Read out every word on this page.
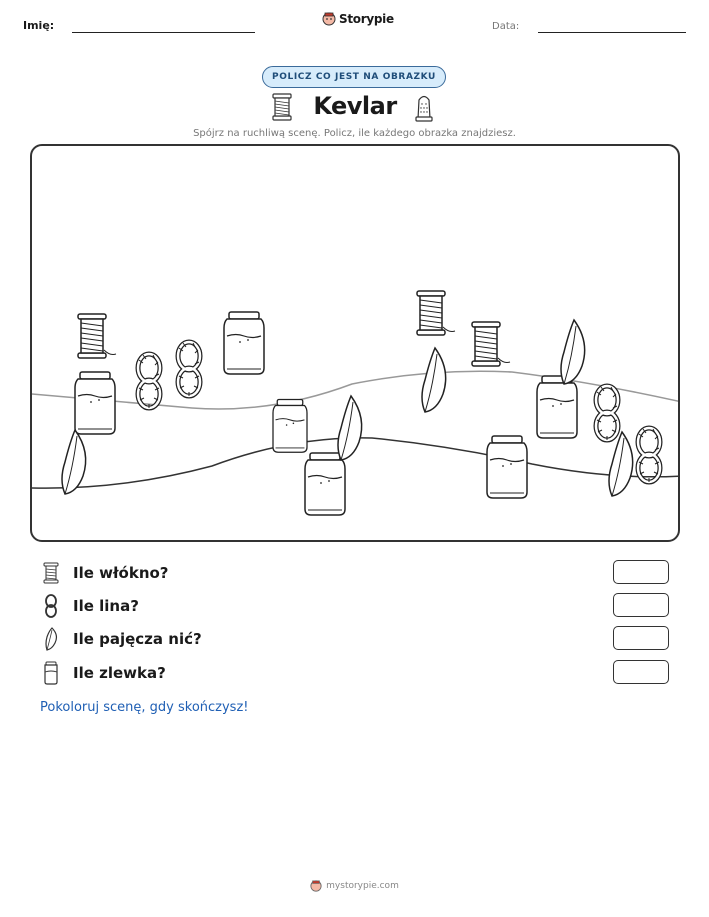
Imię:	Storypie
Data:
POLICZ CO JEST NA OBRAZKU
Kevlar
Spójrz na ruchliwą scenę. Policz, ile każdego obrazka znajdziesz.
Ile włókno?
Ile lina?
Ile pajęcza nić?
Ile zlewka?
Pokoloruj scenę, gdy skończysz!
mystorypie.com
